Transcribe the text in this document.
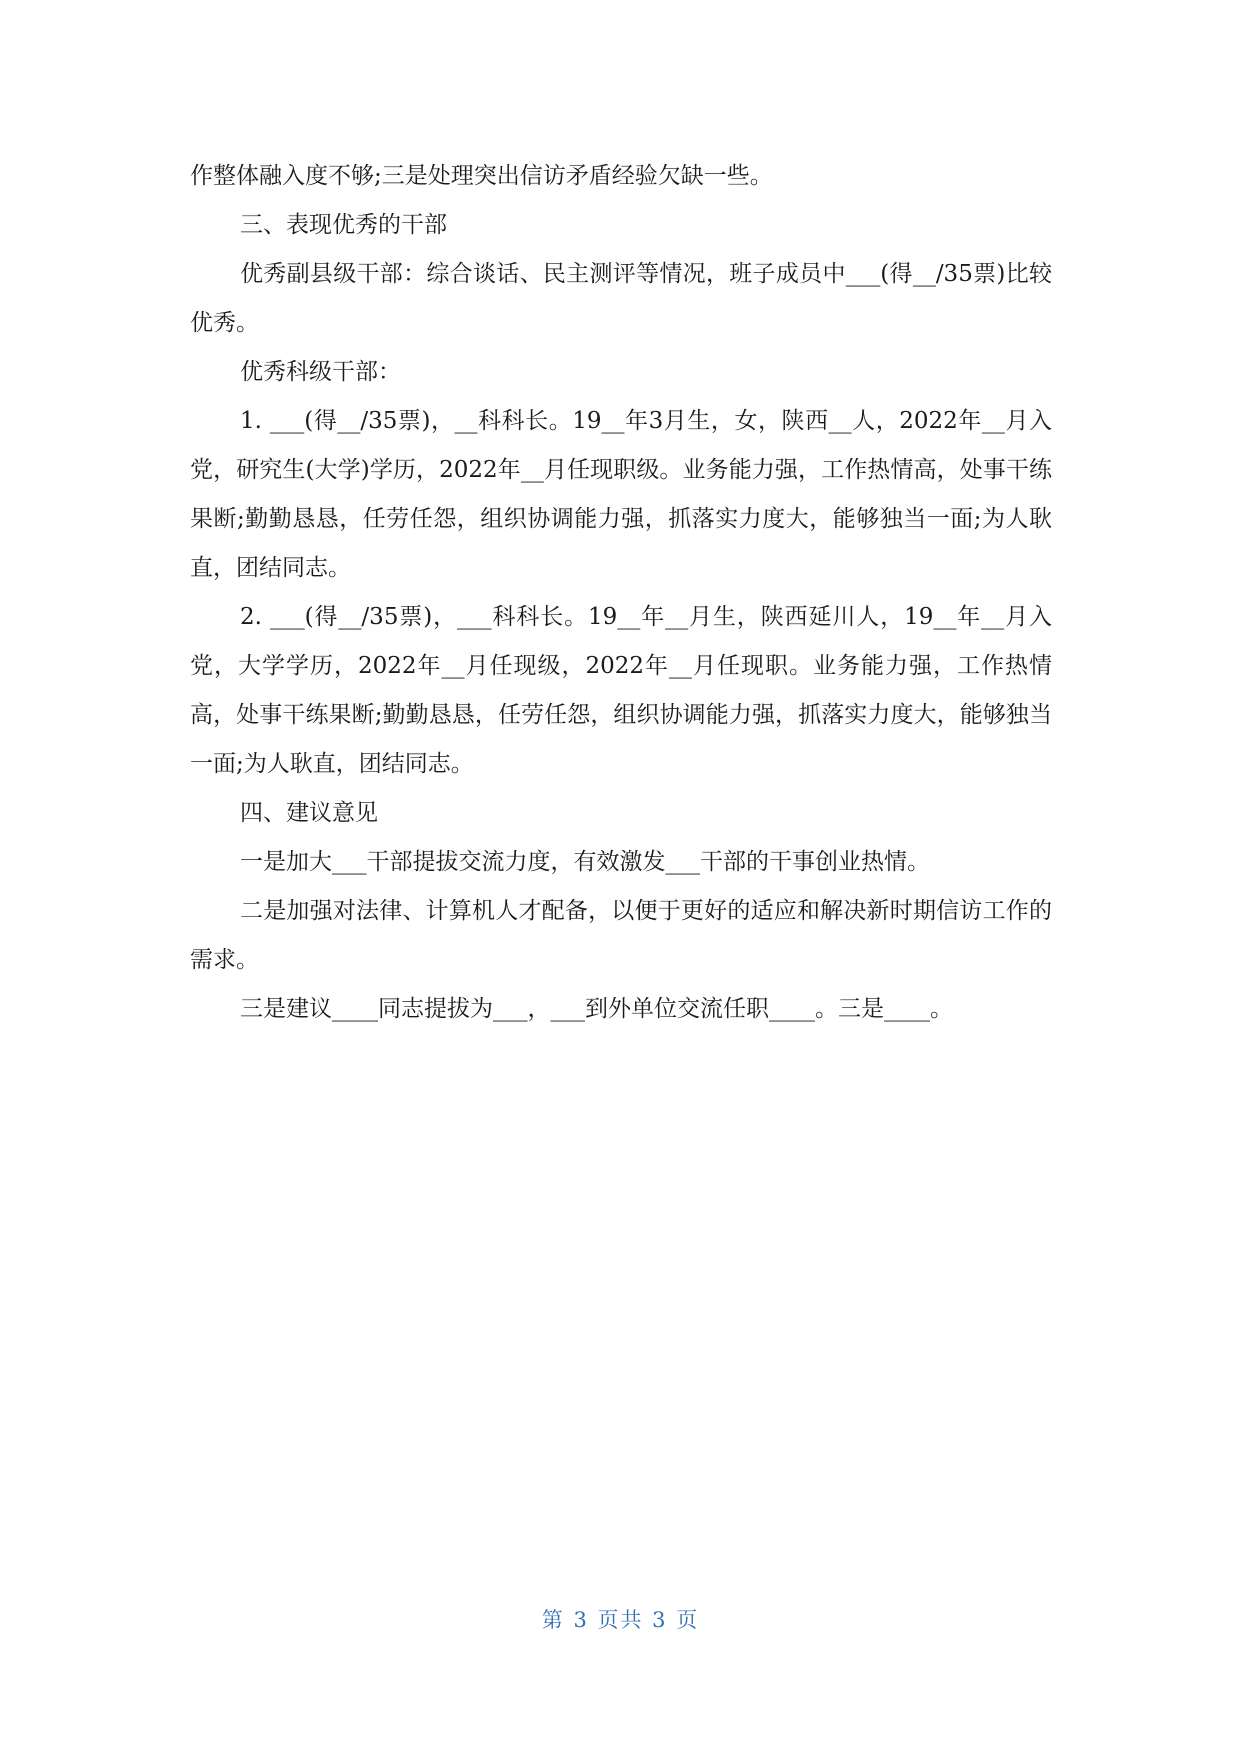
作整体融入度不够;三是处理突出信访矛盾经验欠缺一些。

三、表现优秀的干部

优秀副县级干部：综合谈话、民主测评等情况，班子成员中___(得__/35票)比较优秀。

优秀科级干部：

1. ___(得__/35票)，__科科长。19__年3月生，女，陕西__人，2022年__月入党，研究生(大学)学历，2022年__月任现职级。业务能力强，工作热情高，处事干练果断;勤勤恳恳，任劳任怨，组织协调能力强，抓落实力度大，能够独当一面;为人耿直，团结同志。

2. ___(得__/35票)，___科科长。19__年__月生，陕西延川人，19__年__月入党，大学学历，2022年__月任现级，2022年__月任现职。业务能力强，工作热情高，处事干练果断;勤勤恳恳，任劳任怨，组织协调能力强，抓落实力度大，能够独当一面;为人耿直，团结同志。

四、建议意见

一是加大___干部提拔交流力度，有效激发___干部的干事创业热情。

二是加强对法律、计算机人才配备，以便于更好的适应和解决新时期信访工作的需求。

三是建议____同志提拔为___，___到外单位交流任职____。三是____。

第 3 页共 3 页
